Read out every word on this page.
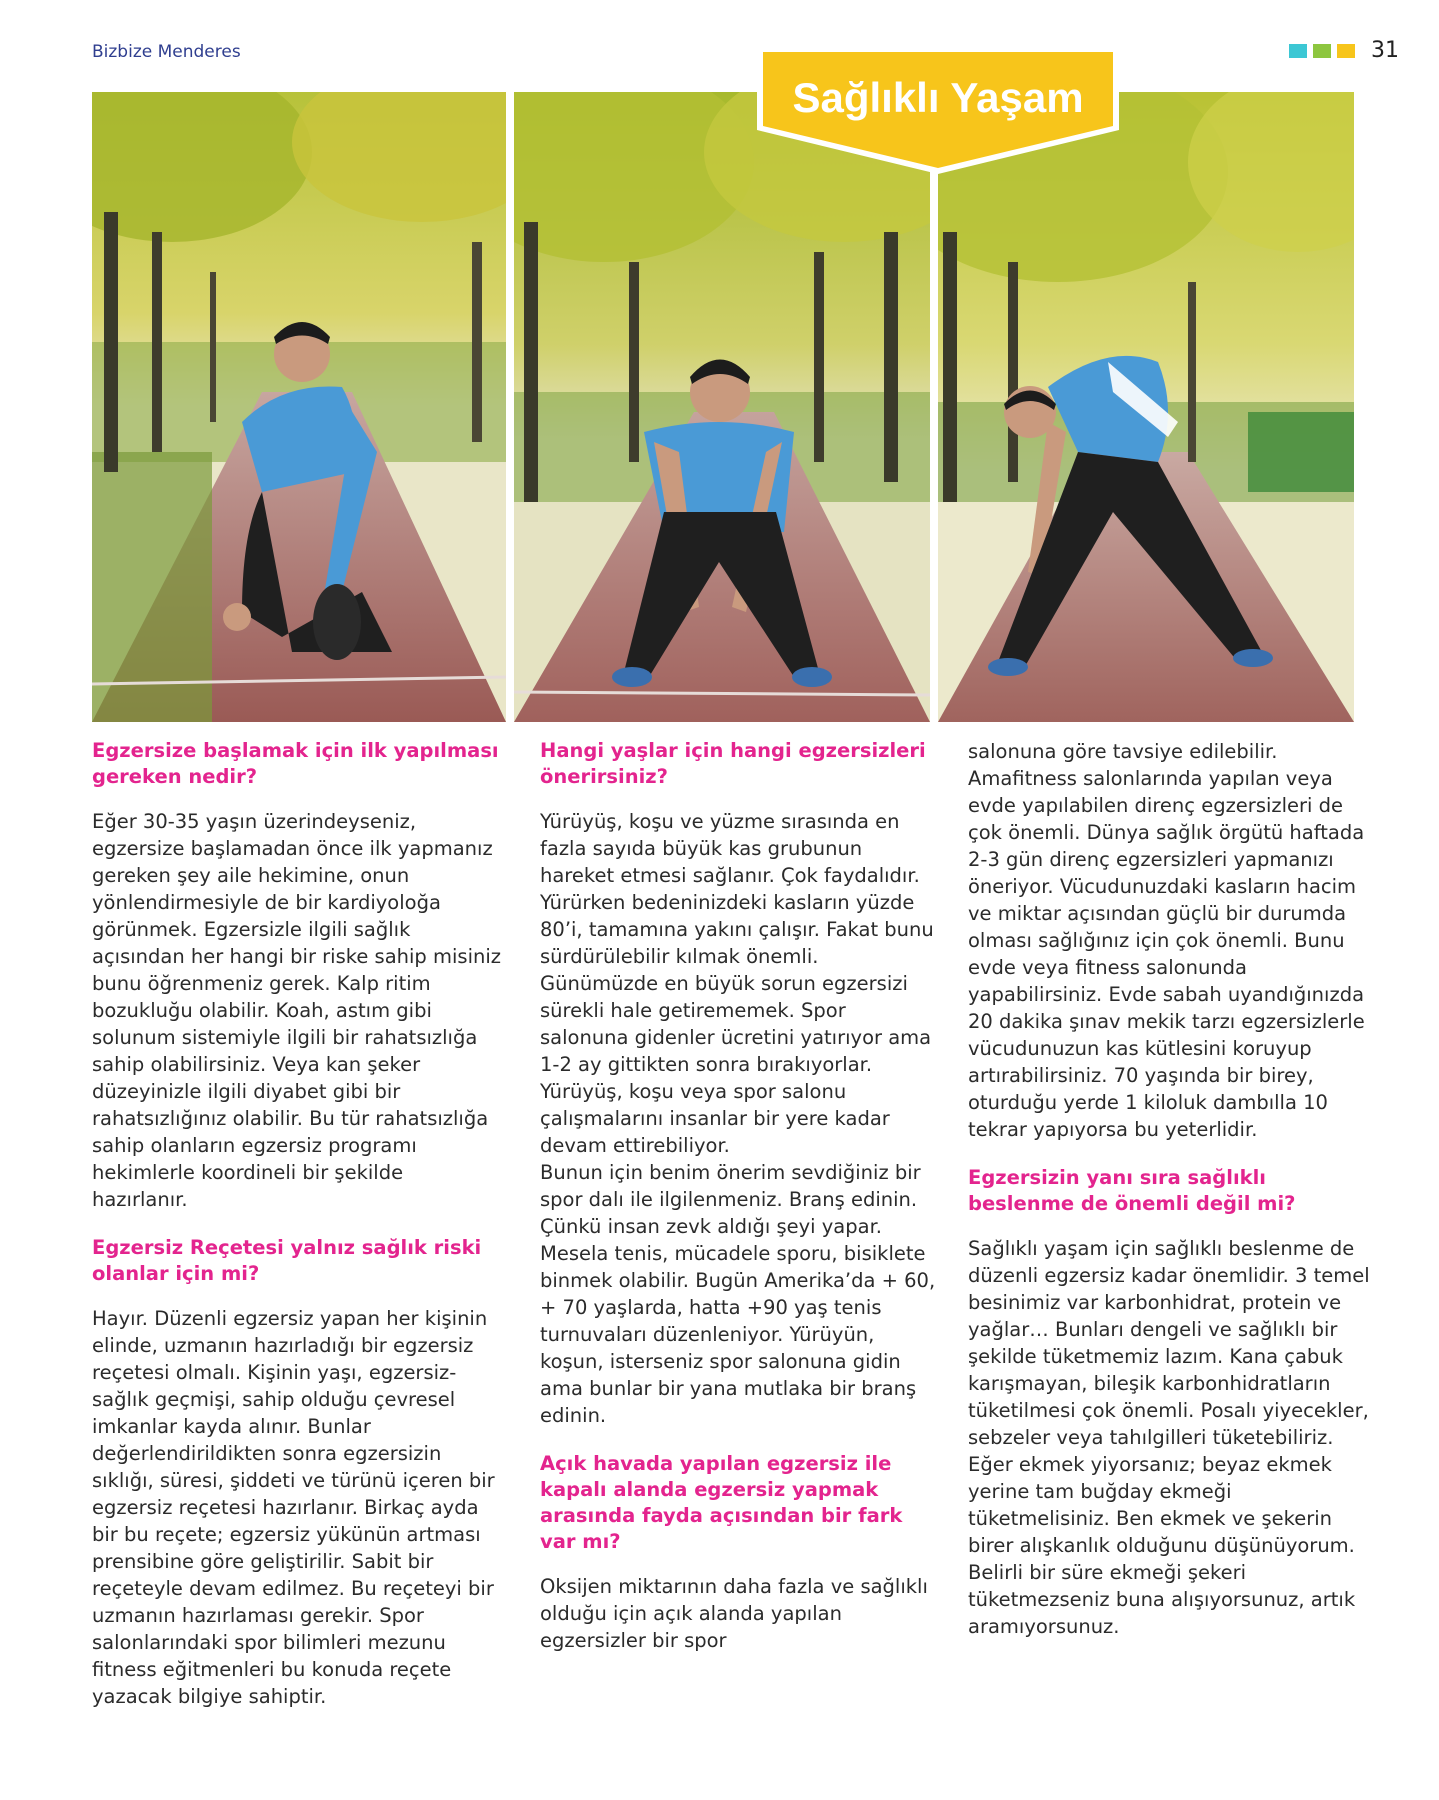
Bizbize Menderes	31
Sağlıklı Yaşam
Egzersize başlamak için ilk yapılması gereken nedir?
Eğer 30-35 yaşın üzerindeyseniz, egzersize başlamadan önce ilk yapmanız gereken şey aile hekimine, onun yönlendirmesiyle de bir kardiyoloğa görünmek. Egzersizle ilgili sağlık açısından her hangi bir riske sahip misiniz bunu öğrenmeniz gerek. Kalp ritim bozukluğu olabilir. Koah, astım gibi solunum sistemiyle ilgili bir rahatsızlığa sahip olabilirsiniz. Veya kan şeker düzeyinizle ilgili diyabet gibi bir rahatsızlığınız olabilir. Bu tür rahatsızlığa sahip olanların egzersiz programı hekimlerle koordineli bir şekilde hazırlanır.
Egzersiz Reçetesi yalnız sağlık riski olanlar için mi?
Hayır. Düzenli egzersiz yapan her kişinin elinde, uzmanın hazırladığı bir egzersiz reçetesi olmalı. Kişinin yaşı, egzersiz-sağlık geçmişi, sahip olduğu çevresel imkanlar kayda alınır. Bunlar değerlendirildikten sonra egzersizin sıklığı, süresi, şiddeti ve türünü içeren bir egzersiz reçetesi hazırlanır. Birkaç ayda bir bu reçete; egzersiz yükünün artması prensibine göre geliştirilir. Sabit bir reçeteyle devam edilmez. Bu reçeteyi bir uzmanın hazırlaması gerekir. Spor salonlarındaki spor bilimleri mezunu fitness eğitmenleri bu konuda reçete yazacak bilgiye sahiptir.
Hangi yaşlar için hangi egzersizleri önerirsiniz?
Yürüyüş, koşu ve yüzme sırasında en fazla sayıda büyük kas grubunun hareket etmesi sağlanır. Çok faydalıdır. Yürürken bedeninizdeki kasların yüzde 80’i, tamamına yakını çalışır. Fakat bunu sürdürülebilir kılmak önemli. Günümüzde en büyük sorun egzersizi sürekli hale getirememek. Spor salonuna gidenler ücretini yatırıyor ama 1-2 ay gittikten sonra bırakıyorlar. Yürüyüş, koşu veya spor salonu çalışmalarını insanlar bir yere kadar devam ettirebiliyor.
Bunun için benim önerim sevdiğiniz bir spor dalı ile ilgilenmeniz. Branş edinin. Çünkü insan zevk aldığı şeyi yapar. Mesela tenis, mücadele sporu, bisiklete binmek olabilir. Bugün Amerika’da + 60, + 70 yaşlarda, hatta +90 yaş tenis turnuvaları düzenleniyor. Yürüyün, koşun, isterseniz spor salonuna gidin ama bunlar bir yana mutlaka bir branş edinin.
Açık havada yapılan egzersiz ile kapalı alanda egzersiz yapmak arasında fayda açısından bir fark var mı?
Oksijen miktarının daha fazla ve sağlıklı olduğu için açık alanda yapılan egzersizler bir spor
salonuna göre tavsiye edilebilir. Amafitness salonlarında yapılan veya evde yapılabilen direnç egzersizleri de çok önemli. Dünya sağlık örgütü haftada 2-3 gün direnç egzersizleri yapmanızı öneriyor. Vücudunuzdaki kasların hacim
ve miktar açısından güçlü bir durumda olması sağlığınız için çok önemli. Bunu evde veya fitness salonunda yapabilirsiniz. Evde sabah uyandığınızda 20 dakika şınav mekik tarzı egzersizlerle vücudunuzun kas kütlesini koruyup artırabilirsiniz. 70 yaşında bir birey, oturduğu yerde 1 kiloluk dambılla 10 tekrar yapıyorsa bu yeterlidir.
Egzersizin yanı sıra sağlıklı beslenme de önemli değil mi?
Sağlıklı yaşam için sağlıklı beslenme de düzenli egzersiz kadar önemlidir. 3 temel besinimiz var karbonhidrat, protein ve yağlar… Bunları dengeli ve sağlıklı bir şekilde tüketmemiz lazım. Kana çabuk karışmayan, bileşik karbonhidratların tüketilmesi çok önemli. Posalı yiyecekler, sebzeler veya tahılgilleri tüketebiliriz. Eğer ekmek yiyorsanız; beyaz ekmek yerine tam buğday ekmeği tüketmelisiniz. Ben ekmek ve şekerin birer alışkanlık olduğunu düşünüyorum. Belirli bir süre ekmeği şekeri tüketmezseniz buna alışıyorsunuz, artık aramıyorsunuz.
